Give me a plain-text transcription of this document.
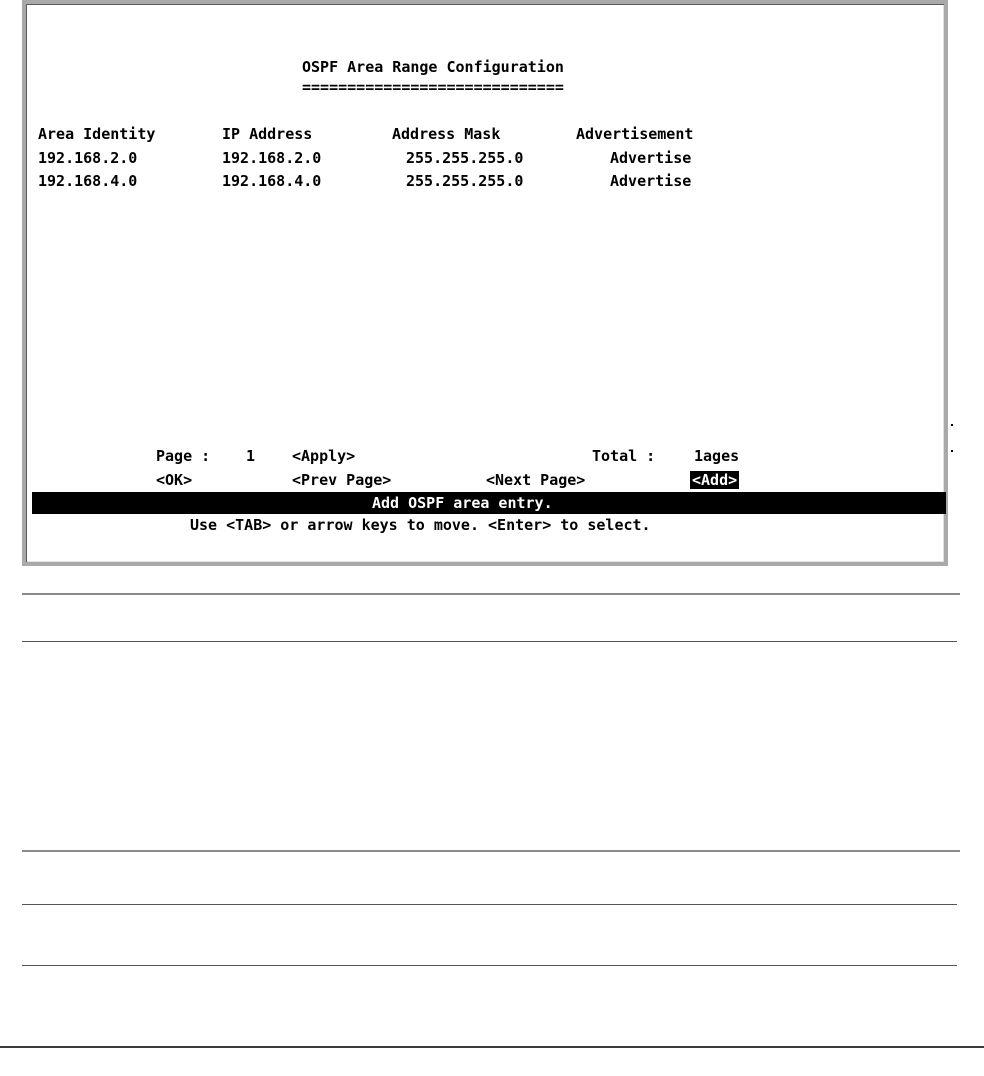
OSPF Area Range Configuration
=============================
Area Identity	IP Address	Address Mask	Advertisement
192.168.2.0	192.168.2.0	255.255.255.0	Advertise
192.168.4.0	192.168.4.0	255.255.255.0	Advertise
Page : 1 <Apply>	Total :	1ages
<OK>	<Prev Page>	<Next Page>	<Add>
Add OSPF area entry.
Use <TAB> or arrow keys to move. <Enter> to select.
